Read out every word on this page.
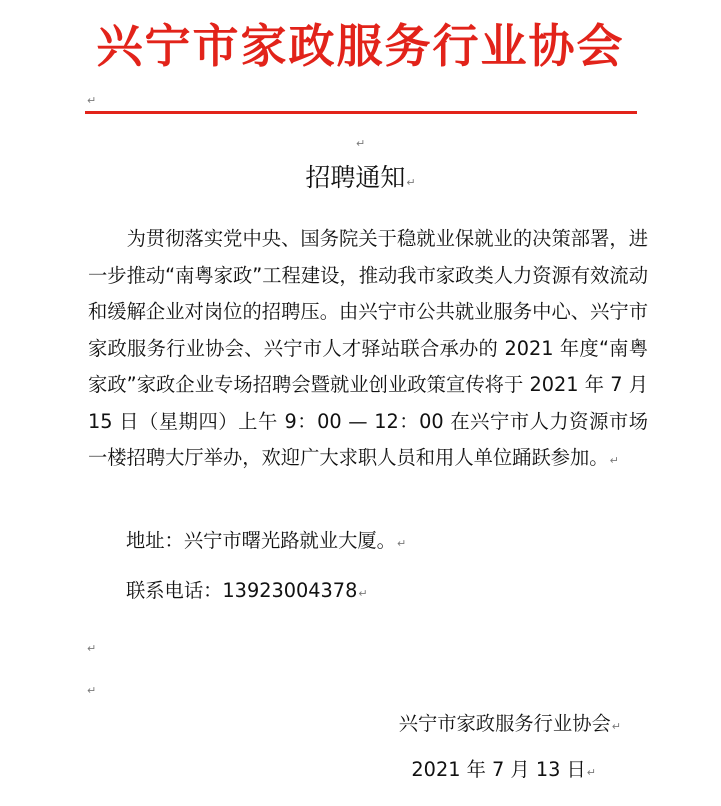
兴宁市家政服务行业协会
↵
↵
招聘通知↵

为贯彻落实党中央、国务院关于稳就业保就业的决策部署，进一步推动“南粤家政”工程建设，推动我市家政类人力资源有效流动和缓解企业对岗位的招聘压。由兴宁市公共就业服务中心、兴宁市家政服务行业协会、兴宁市人才驿站联合承办的 2021 年度“南粤家政”家政企业专场招聘会暨就业创业政策宣传将于 2021 年 7 月 15 日（星期四）上午 9：00 — 12：00 在兴宁市人力资源市场一楼招聘大厅举办，欢迎广大求职人员和用人单位踊跃参加。↵

地址：兴宁市曙光路就业大厦。↵
联系电话：13923004378↵
↵
↵
兴宁市家政服务行业协会↵
2021 年 7 月 13 日↵
